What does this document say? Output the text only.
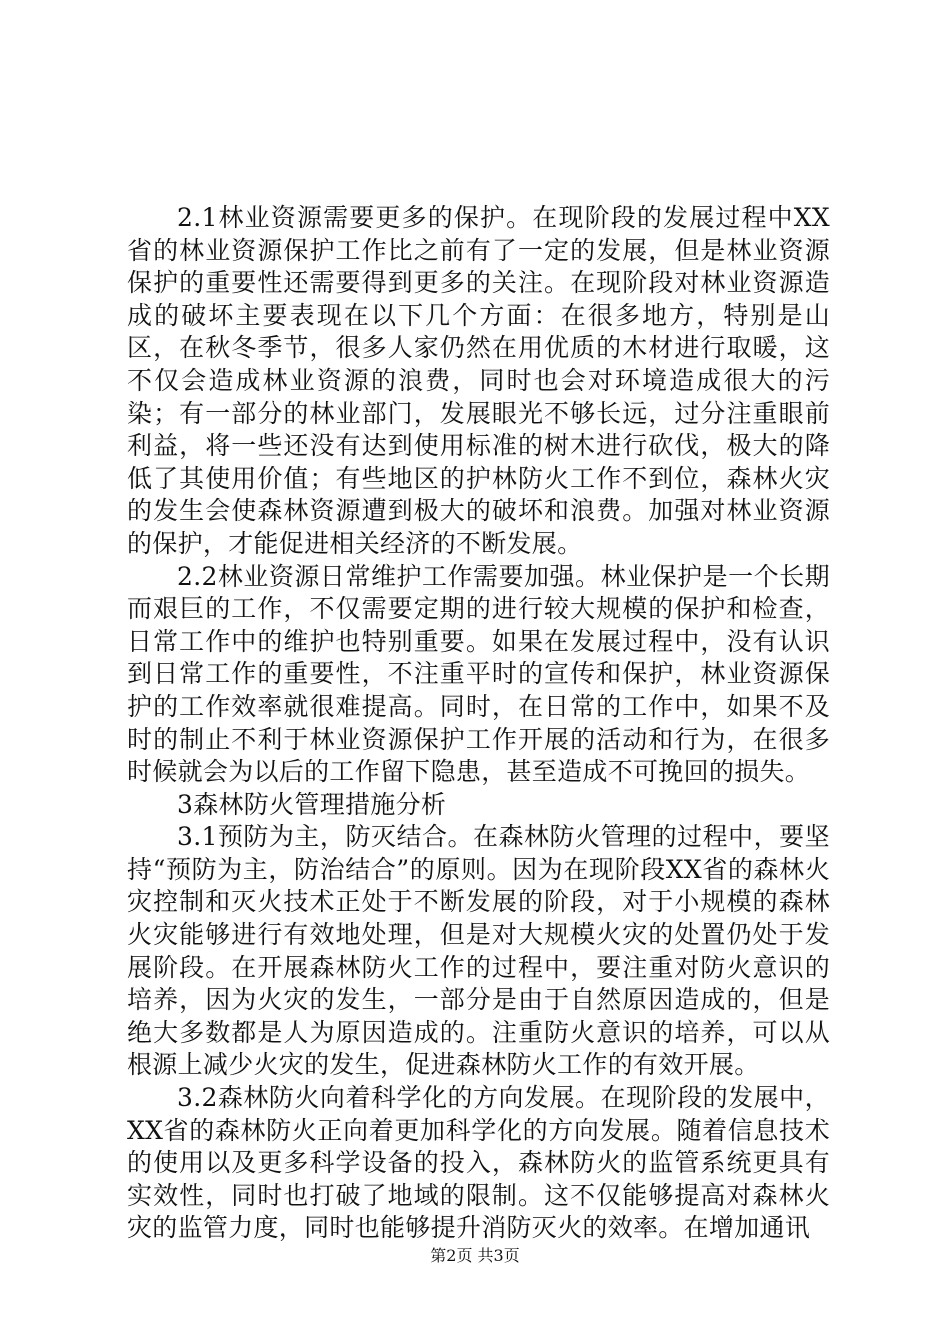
2.1林业资源需要更多的保护。在现阶段的发展过程中XX省的林业资源保护工作比之前有了一定的发展，但是林业资源保护的重要性还需要得到更多的关注。在现阶段对林业资源造成的破坏主要表现在以下几个方面：在很多地方，特别是山区，在秋冬季节，很多人家仍然在用优质的木材进行取暖，这不仅会造成林业资源的浪费，同时也会对环境造成很大的污染；有一部分的林业部门，发展眼光不够长远，过分注重眼前利益，将一些还没有达到使用标准的树木进行砍伐，极大的降低了其使用价值；有些地区的护林防火工作不到位，森林火灾的发生会使森林资源遭到极大的破坏和浪费。加强对林业资源的保护，才能促进相关经济的不断发展。

2.2林业资源日常维护工作需要加强。林业保护是一个长期而艰巨的工作，不仅需要定期的进行较大规模的保护和检查，日常工作中的维护也特别重要。如果在发展过程中，没有认识到日常工作的重要性，不注重平时的宣传和保护，林业资源保护的工作效率就很难提高。同时，在日常的工作中，如果不及时的制止不利于林业资源保护工作开展的活动和行为，在很多时候就会为以后的工作留下隐患，甚至造成不可挽回的损失。

3森林防火管理措施分析

3.1预防为主，防灭结合。在森林防火管理的过程中，要坚持“预防为主，防治结合”的原则。因为在现阶段XX省的森林火灾控制和灭火技术正处于不断发展的阶段，对于小规模的森林火灾能够进行有效地处理，但是对大规模火灾的处置仍处于发展阶段。在开展森林防火工作的过程中，要注重对防火意识的培养，因为火灾的发生，一部分是由于自然原因造成的，但是绝大多数都是人为原因造成的。注重防火意识的培养，可以从根源上减少火灾的发生，促进森林防火工作的有效开展。

3.2森林防火向着科学化的方向发展。在现阶段的发展中，XX省的森林防火正向着更加科学化的方向发展。随着信息技术的使用以及更多科学设备的投入，森林防火的监管系统更具有实效性，同时也打破了地域的限制。这不仅能够提高对森林火灾的监管力度，同时也能够提升消防灭火的效率。在增加通讯

第2页 共3页
